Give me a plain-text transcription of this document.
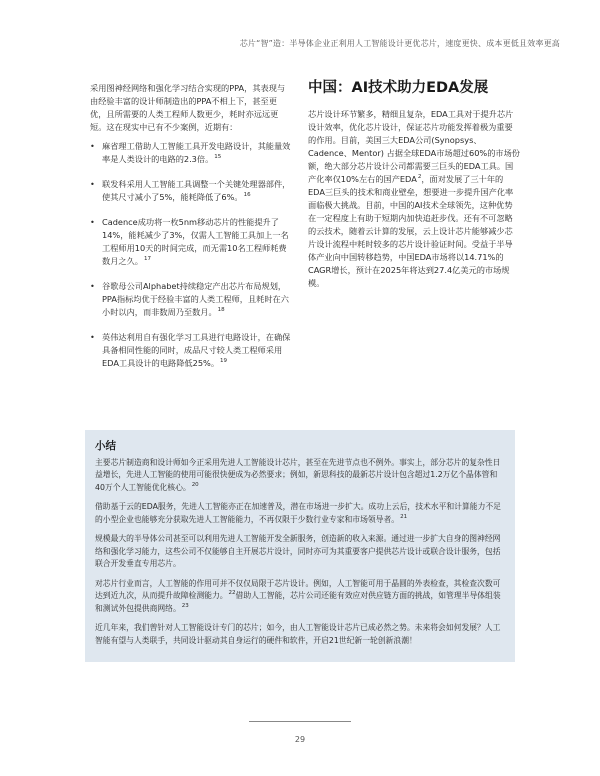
芯片“智”造：半导体企业正利用人工智能设计更优芯片，速度更快、成本更低且效率更高

采用图神经网络和强化学习结合实现的PPA，其表现与由经验丰富的设计师制造出的PPA不相上下，甚至更优，且所需要的人类工程师人数更少，耗时亦远远更短。这在现实中已有不少案例，近期有：

• 麻省理工借助人工智能工具开发电路设计，其能量效率是人类设计的电路的2.3倍。$^{15}$
• 联发科采用人工智能工具调整一个关键处理器部件，使其尺寸减小了5%，能耗降低了6%。$^{16}$
• Cadence成功将一枚5nm移动芯片的性能提升了14%，能耗减少了3%，仅需人工智能工具加上一名工程师用10天的时间完成，而无需10名工程师耗费数月之久。$^{17}$
• 谷歌母公司Alphabet持续稳定产出芯片布局规划，PPA指标均优于经验丰富的人类工程师，且耗时在六小时以内，而非数周乃至数月。$^{18}$
• 英伟达利用自有强化学习工具进行电路设计，在确保具备相同性能的同时，成品尺寸较人类工程师采用EDA工具设计的电路降低25%。$^{19}$
中国：AI技术助力EDA发展

芯片设计环节繁多，精细且复杂，EDA工具对于提升芯片设计效率，优化芯片设计，保证芯片功能发挥着极为重要的作用。目前，美国三大EDA公司(Synopsys、Cadence、Mentor) 占据全球EDA市场超过60%的市场份额，绝大部分芯片设计公司都需要三巨头的EDA工具。国产化率仅10%左右的国产EDA$^2$，面对发展了三十年的EDA三巨头的技术和商业壁垒，想要进一步提升国产化率面临极大挑战。目前，中国的AI技术全球领先，这种优势在一定程度上有助于短期内加快追赶步伐。还有不可忽略的云技术，随着云计算的发展，云上设计芯片能够减少芯片设计流程中耗时较多的芯片设计验证时间。受益于半导体产业向中国转移趋势，中国EDA市场将以14.71%的CAGR增长，预计在2025年将达到27.4亿美元的市场规模。

小结

主要芯片制造商和设计师如今正采用先进人工智能设计芯片，甚至在先进节点也不例外。事实上，部分芯片的复杂性日益增长，先进人工智能的使用可能很快便成为必然要求；例如，新思科技的最新芯片设计包含超过1.2万亿个晶体管和40万个人工智能优化核心。$^{20}$

借助基于云的EDA服务，先进人工智能亦正在加速普及，潜在市场进一步扩大。成功上云后，技术水平和计算能力不足的小型企业也能够充分获取先进人工智能能力，不再仅限于少数行业专家和市场领导者。$^{21}$

规模最大的半导体公司甚至可以利用先进人工智能开发全新服务，创造新的收入来源。通过进一步扩大自身的图神经网络和强化学习能力，这些公司不仅能够自主开展芯片设计，同时亦可为其重要客户提供芯片设计或联合设计服务，包括联合开发垂直专用芯片。

对芯片行业而言，人工智能的作用可并不仅仅局限于芯片设计。例如，人工智能可用于晶圆的外表检查，其检查次数可达到近九次，从而提升故障检测能力。$^{22}$借助人工智能，芯片公司还能有效应对供应链方面的挑战，如管理半导体组装和测试外包提供商网络。$^{23}$

近几年来，我们曾针对人工智能设计专门的芯片；如今，由人工智能设计芯片已成必然之势。未来将会如何发展？人工智能有望与人类联手，共同设计驱动其自身运行的硬件和软件，开启21世纪新一轮创新浪潮！

29
